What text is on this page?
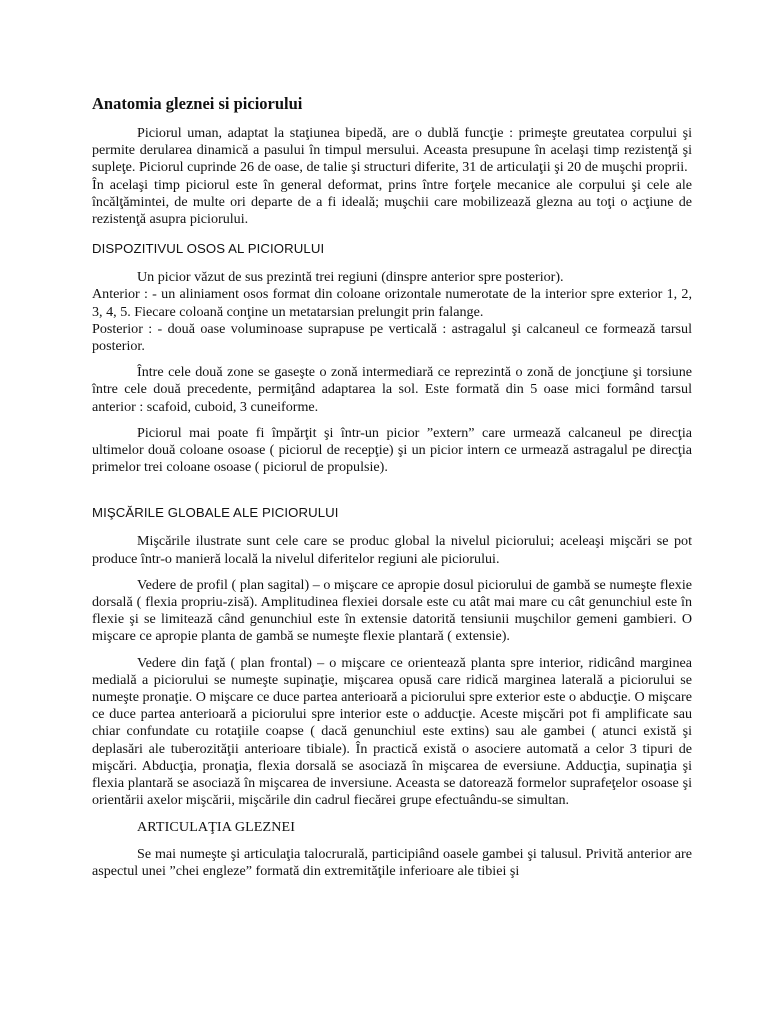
Anatomia gleznei si piciorului

Piciorul uman, adaptat la staţiunea bipedă, are o dublă funcţie : primeşte greutatea corpului şi permite derularea dinamică a pasului în timpul mersului. Aceasta presupune în acelaşi timp rezistenţă şi supleţe. Piciorul cuprinde 26 de oase, de talie şi structuri diferite, 31 de articulaţii şi 20 de muşchi proprii.

În acelaşi timp piciorul este în general deformat, prins între forţele mecanice ale corpului şi cele ale încălţămintei, de multe ori departe de a fi ideală; muşchii care mobilizează glezna au toţi o acţiune de rezistenţă asupra piciorului.

DISPOZITIVUL OSOS AL PICIORULUI

Un picior văzut de sus prezintă trei regiuni (dinspre anterior spre posterior).

Anterior : - un aliniament osos format din coloane orizontale numerotate de la interior spre exterior 1, 2, 3, 4, 5. Fiecare coloană conţine un metatarsian prelungit prin falange.

Posterior : - două oase voluminoase suprapuse pe verticală : astragalul şi calcaneul ce formează tarsul posterior.

Între cele două zone se gaseşte o zonă intermediară ce reprezintă o zonă de joncţiune şi torsiune între cele două precedente, permiţând adaptarea la sol. Este formată din 5 oase mici formând tarsul anterior : scafoid, cuboid, 3 cuneiforme.

Piciorul mai poate fi împărţit şi într-un picior ”extern” care urmează calcaneul pe direcţia ultimelor două coloane osoase ( piciorul de recepţie) şi un picior intern ce urmează astragalul pe direcţia primelor trei coloane osoase ( piciorul de propulsie).

MIŞCĂRILE GLOBALE ALE PICIORULUI

Mişcările ilustrate sunt cele care se produc global la nivelul piciorului; aceleaşi mişcări se pot produce într-o manieră locală la nivelul diferitelor regiuni ale piciorului.

Vedere de profil ( plan sagital) – o mişcare ce apropie dosul piciorului de gambă se numeşte flexie dorsală ( flexia propriu-zisă). Amplitudinea flexiei dorsale este cu atât mai mare cu cât genunchiul este în flexie şi se limitează când genunchiul este în extensie datorită tensiunii muşchilor gemeni gambieri. O mişcare ce apropie planta de gambă se numeşte flexie plantară ( extensie).

Vedere din faţă ( plan frontal) – o mişcare ce orientează planta spre interior, ridicând marginea medială a piciorului se numeşte supinaţie, mişcarea opusă care ridică marginea laterală a piciorului se numeşte pronaţie. O mişcare ce duce partea anterioară a piciorului spre exterior este o abducţie. O mişcare ce duce partea anterioară a piciorului spre interior este o adducţie. Aceste mişcări pot fi amplificate sau chiar confundate cu rotaţiile coapse ( dacă genunchiul este extins) sau ale gambei ( atunci există şi deplasări ale tuberozităţii anterioare tibiale). În practică există o asociere automată a celor 3 tipuri de mişcări. Abducţia, pronaţia, flexia dorsală se asociază în mişcarea de eversiune. Adducţia, supinaţia şi flexia plantară se asociază în mişcarea de inversiune. Aceasta se datorează formelor suprafeţelor osoase şi orientării axelor mişcării, mişcările din cadrul fiecărei grupe efectuându-se simultan.

ARTICULAŢIA GLEZNEI

Se mai numeşte şi articulaţia talocrurală, participiând oasele gambei şi talusul. Privită anterior are aspectul unei ”chei engleze” formată din extremităţile inferioare ale tibiei şi
